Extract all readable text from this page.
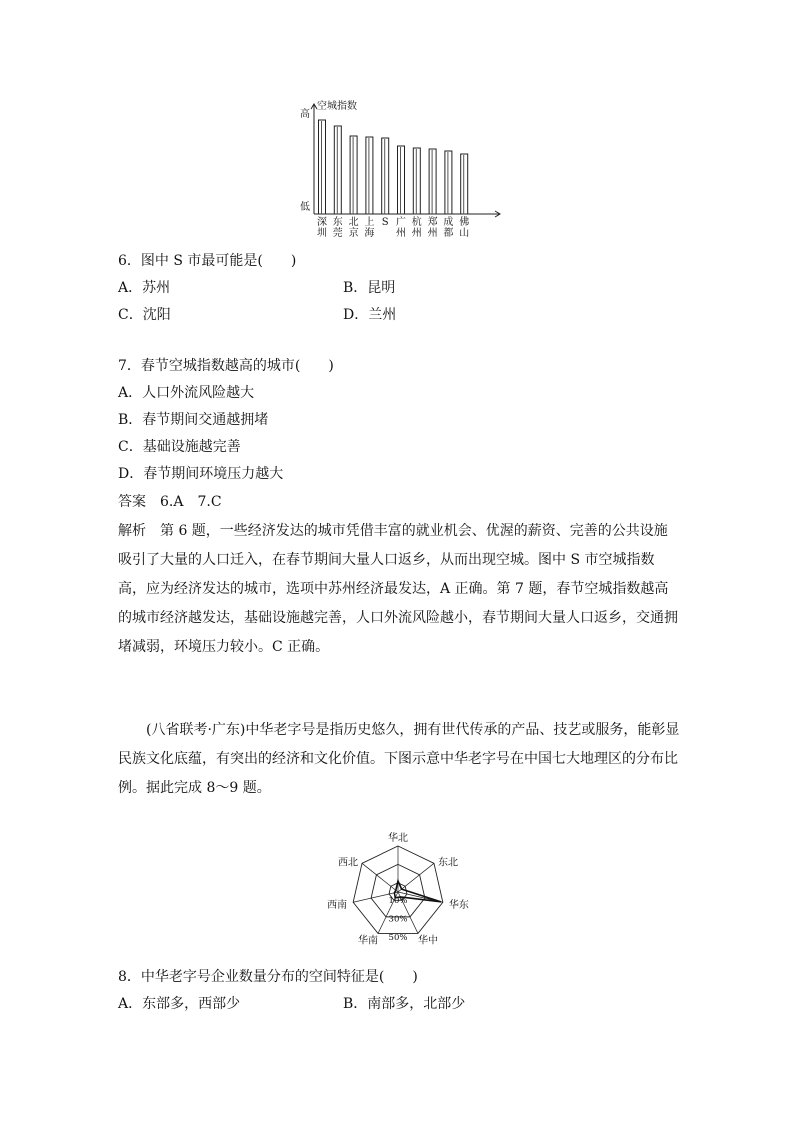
空城指数
高
低
深
圳
东
莞
北
京
上
海
S 广
州
杭
州
郑
州
成
都
佛
山
6．图中 S 市最可能是(　　)
A．苏州	B．昆明
C．沈阳	D．兰州
7．春节空城指数越高的城市(　　)
A．人口外流风险越大
B．春节期间交通越拥堵
C．基础设施越完善
D．春节期间环境压力越大
答案　6.A　7.C

解析　第 6 题，一些经济发达的城市凭借丰富的就业机会、优渥的薪资、完善的公共设施吸引了大量的人口迁入，在春节期间大量人口返乡，从而出现空城。图中 S 市空城指数高，应为经济发达的城市，选项中苏州经济最发达，A 正确。第 7 题，春节空城指数越高的城市经济越发达，基础设施越完善，人口外流风险越小，春节期间大量人口返乡，交通拥堵减弱，环境压力较小。C 正确。

(八省联考·广东)中华老字号是指历史悠久，拥有世代传承的产品、技艺或服务，能彰显民族文化底蕴，有突出的经济和文化价值。下图示意中华老字号在中国七大地理区的分布比例。据此完成 8～9 题。

华北
东北
华东
华中
华南
西南
西北
10%
30%
50%
8．中华老字号企业数量分布的空间特征是(　　)
A．东部多，西部少	B．南部多，北部少
